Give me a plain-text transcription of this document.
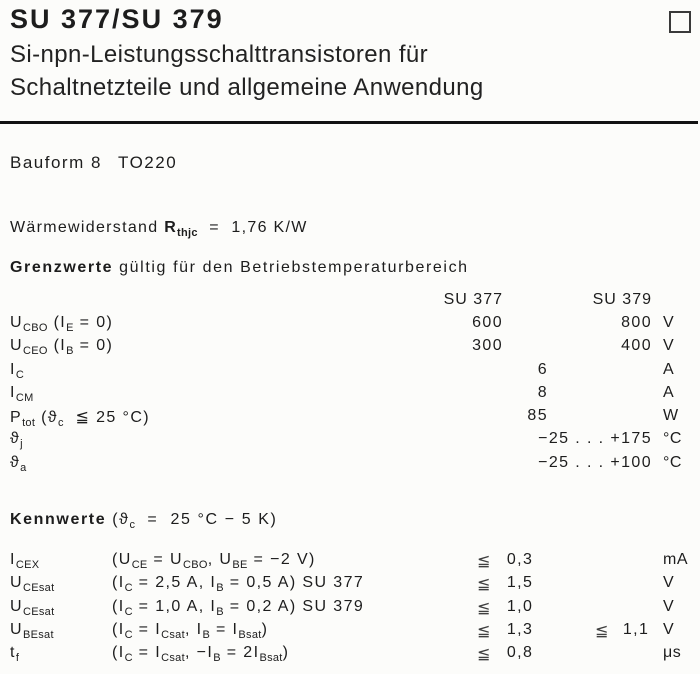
SU 377/SU 379
Si-npn-Leistungsschalttransistoren für
Schaltnetzteile und allgemeine Anwendung
Bauform 8 TO220
Wärmewiderstand $R_{thjc} = 1,76$ K/W
Grenzwerte gültig für den Betriebstemperaturbereich
SU 377	SU 379
$U_{CBO}$ $(I_E = 0)$	600	800 V
$U_{CEO}$ $(I_B = 0)$	300	400 V
$I_C$	6	A
$I_{CM}$	8	A
$P_{tot}$ ($ϑ_c$  ≦ 25 °C)	85	W
$ϑ_j$	−25 . . . +175 °C
$ϑ_a$	−25 . . . +100 °C
Kennwerte ($ϑ_c = 25$ °C − 5 K)
$I_{CEX}$	($U_{CE} = U_{CBO}$, $U_{BE} = -2$ V)	≦ 0,3	mA
$U_{CEsat}$	($I_C = 2,5$ A, $I_B = 0,5$ A) SU 377	≦ 1,5	V
$U_{CEsat}$	($I_C = 1,0$ A, $I_B = 0,2$ A) SU 379	≦ 1,0	V
$U_{BEsat}$	($I_C = I_{Csat}$, $I_B = I_{Bsat}$)	≦ 1,3	≦ 1,1 V
$t_f$	($I_C = I_{Csat}$, $-I_B = 2I_{Bsat}$)	≦ 0,8	μs
